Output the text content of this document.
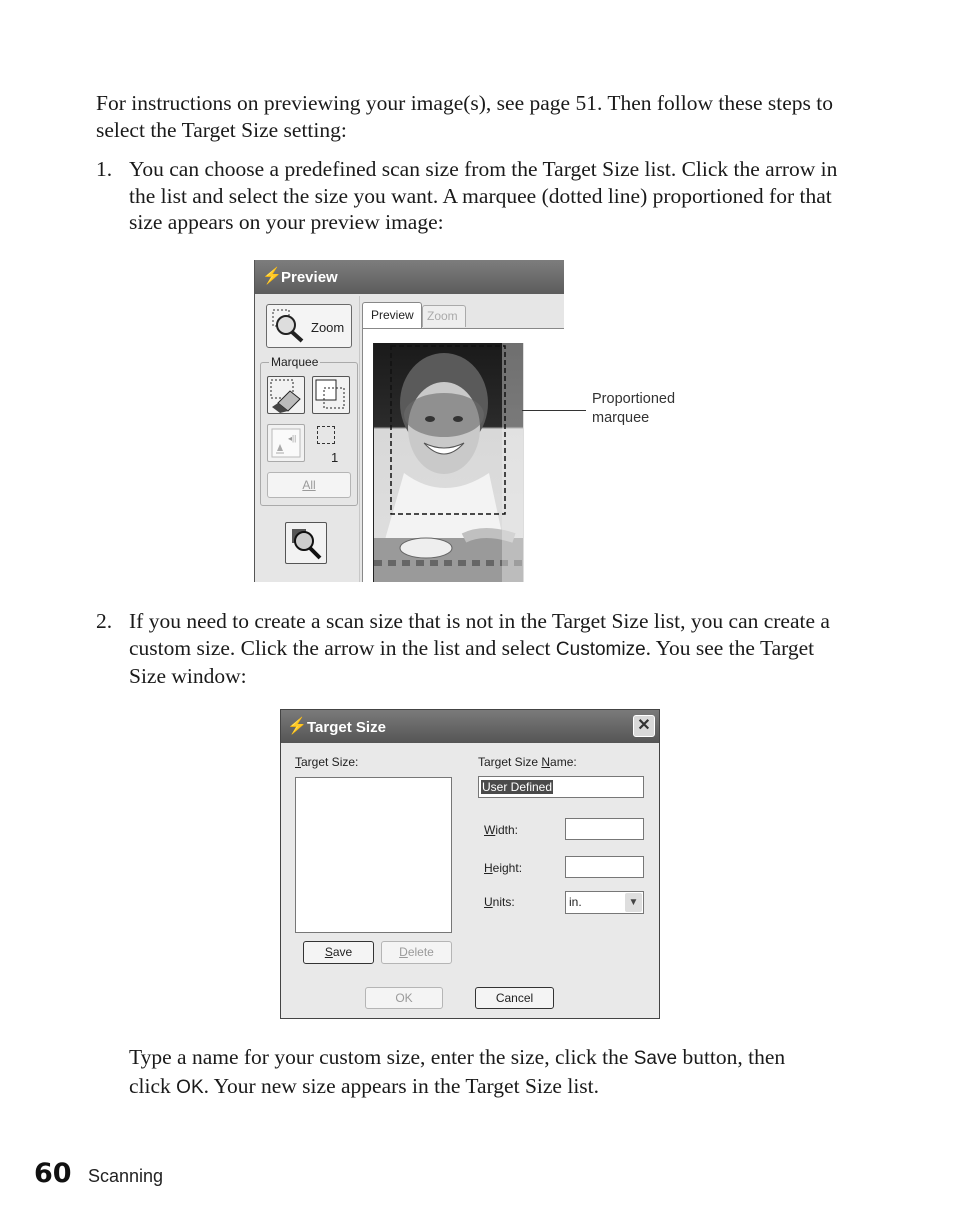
For instructions on previewing your image(s), see page 51. Then follow these steps to
select the Target Size setting:
1. You can choose a predefined scan size from the Target Size list. Click the arrow in
the list and select the size you want. A marquee (dotted line) proportioned for that
size appears on your preview image:
⚡ Preview
Zoom
Marquee
◂||
1
All
Preview Zoom
Proportioned
marquee
2. If you need to create a scan size that is not in the Target Size list, you can create a
custom size. Click the arrow in the list and select Customize. You see the Target
Size window:
⚡ Target Size	✕
Target Size:
Save	Delete
Target Size Name:
User Defined
Width:
Height:
Units:	in.	▼
OK	Cancel
Type a name for your custom size, enter the size, click the Save button, then
click OK. Your new size appears in the Target Size list.
60 Scanning
